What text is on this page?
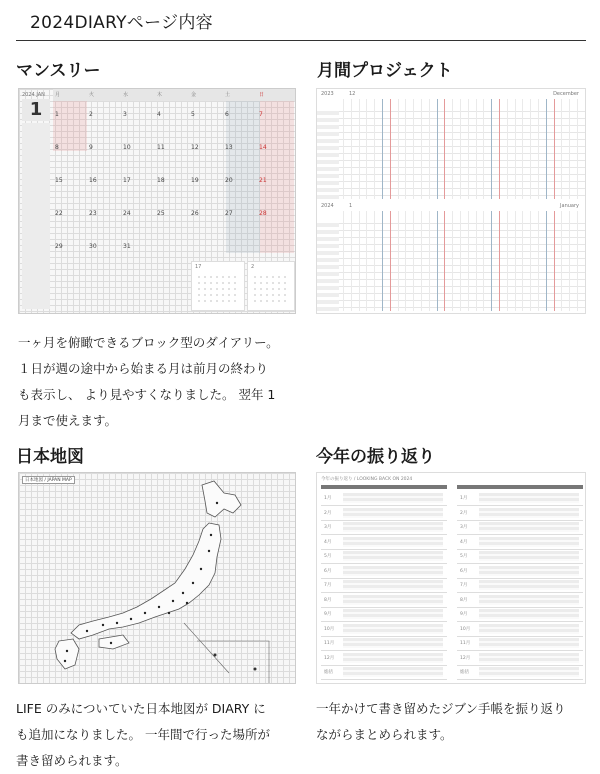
2024DIARYページ内容
マンスリー
2024 JAN
1
月	火	水	木	金	土	日
1	2	3	4	5	6	7
8	9	10	11	12	13	14
15	16	17	18	19	20	21
22	23	24	25	26	27	28
29	30	31
17	2
一ヶ月を俯瞰できるブロック型のダイアリー。
１日が週の途中から始まる月は前月の終わり
も表示し、 より見やすくなりました。 翌年 1
月まで使えます。
月間プロジェクト
2023	12	December
2024	1	January
日本地図
日本地図 / JAPAN MAP
LIFE のみについていた日本地図が DIARY に
も追加になりました。 一年間で行った場所が
書き留められます。
今年の振り返り
今年の振り返り / LOOKING BACK ON 2024
1月	1月
2月	2月
3月	3月
4月	4月
5月	5月
6月	6月
7月	7月
8月	8月
9月	9月
10月	10月
11月	11月
12月	12月
総括	総括
一年かけて書き留めたジブン手帳を振り返り
ながらまとめられます。
